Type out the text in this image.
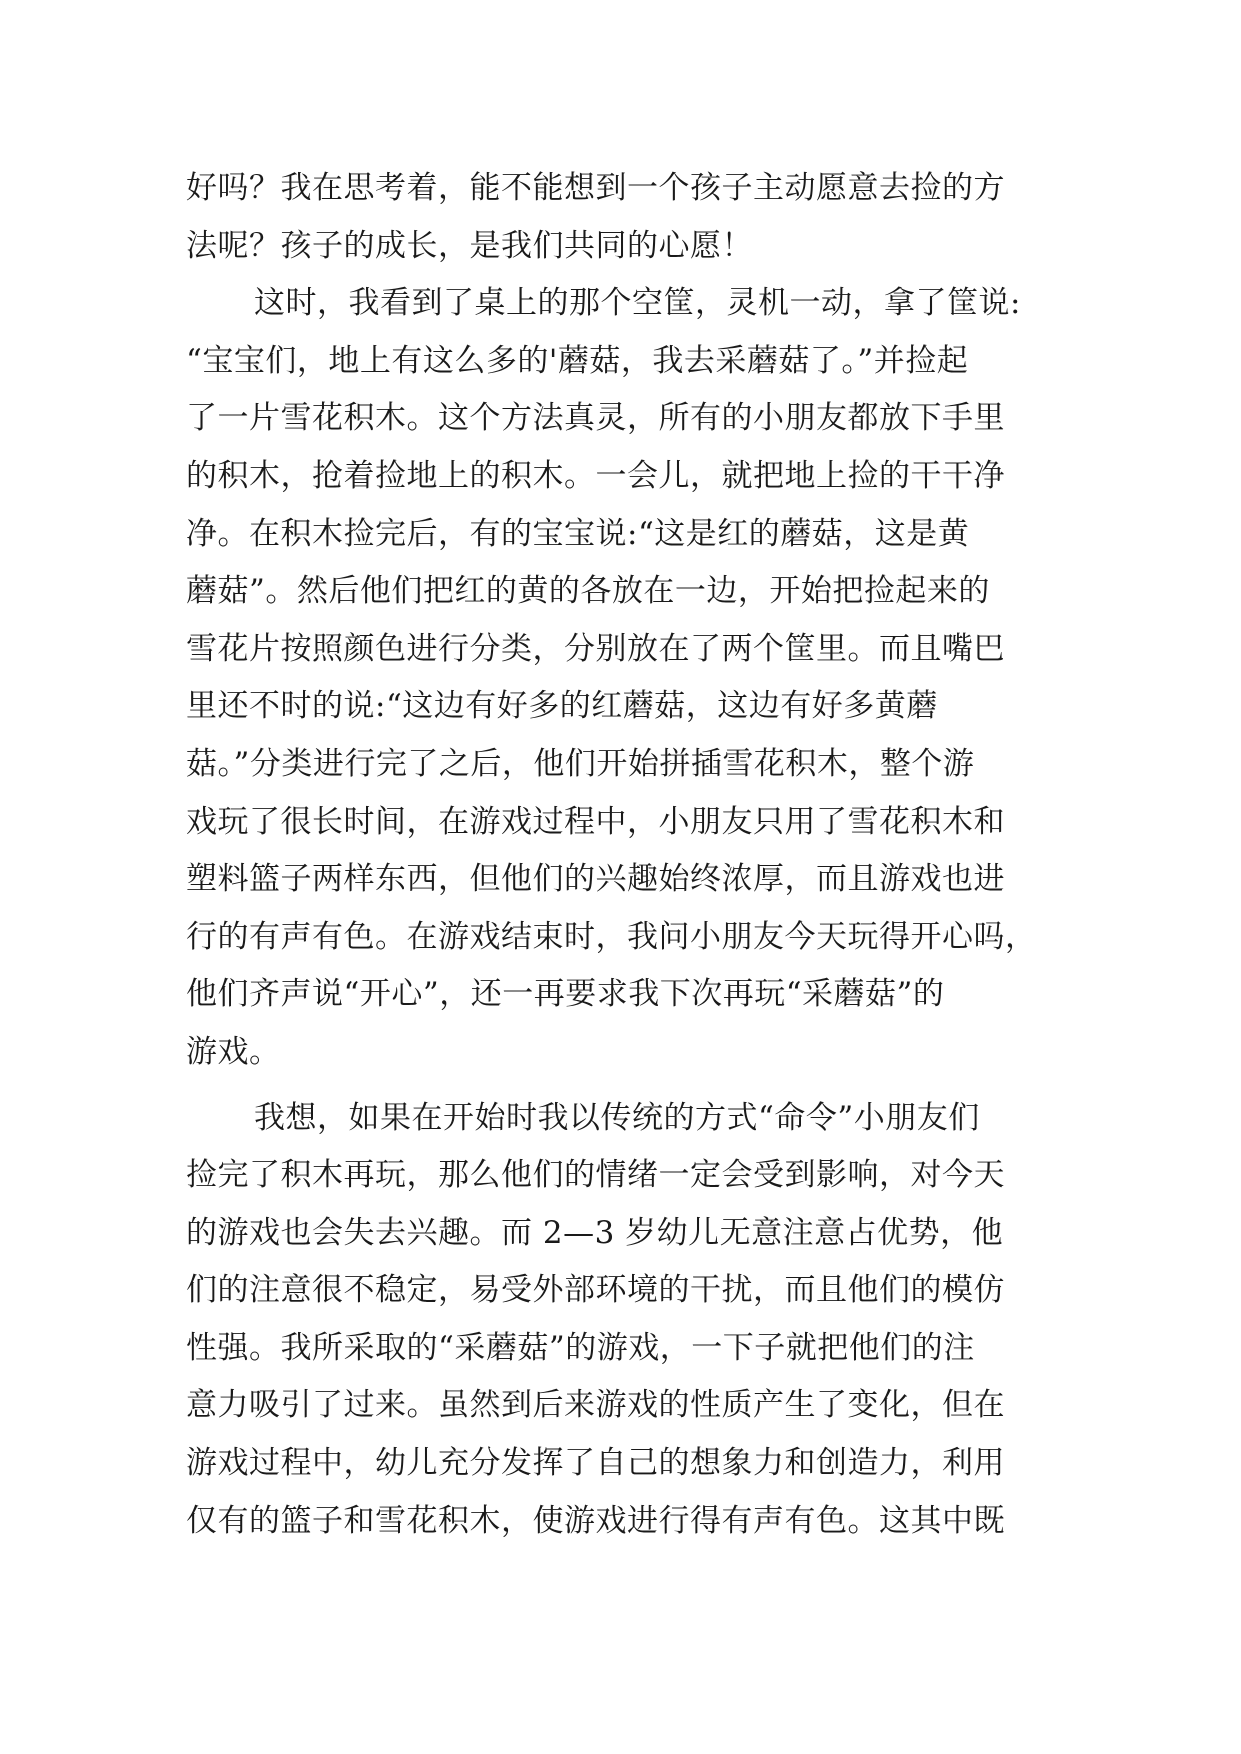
好吗？我在思考着，能不能想到一个孩子主动愿意去捡的方
法呢？孩子的成长，是我们共同的心愿！
这时，我看到了桌上的那个空筐，灵机一动，拿了筐说:
“宝宝们，地上有这么多的'蘑菇，我去采蘑菇了。”并捡起
了一片雪花积木。这个方法真灵，所有的小朋友都放下手里
的积木，抢着捡地上的积木。一会儿，就把地上捡的干干净
净。在积木捡完后，有的宝宝说:“这是红的蘑菇，这是黄
蘑菇”。然后他们把红的黄的各放在一边，开始把捡起来的
雪花片按照颜色进行分类，分别放在了两个筐里。而且嘴巴
里还不时的说:“这边有好多的红蘑菇，这边有好多黄蘑
菇。”分类进行完了之后，他们开始拼插雪花积木，整个游
戏玩了很长时间，在游戏过程中，小朋友只用了雪花积木和
塑料篮子两样东西，但他们的兴趣始终浓厚，而且游戏也进
行的有声有色。在游戏结束时，我问小朋友今天玩得开心吗，
他们齐声说“开心”，还一再要求我下次再玩“采蘑菇”的
游戏。
我想，如果在开始时我以传统的方式“命令”小朋友们
捡完了积木再玩，那么他们的情绪一定会受到影响，对今天
的游戏也会失去兴趣。而 2—3 岁幼儿无意注意占优势，他
们的注意很不稳定，易受外部环境的干扰，而且他们的模仿
性强。我所采取的“采蘑菇”的游戏，一下子就把他们的注
意力吸引了过来。虽然到后来游戏的性质产生了变化，但在
游戏过程中，幼儿充分发挥了自己的想象力和创造力，利用
仅有的篮子和雪花积木，使游戏进行得有声有色。这其中既
